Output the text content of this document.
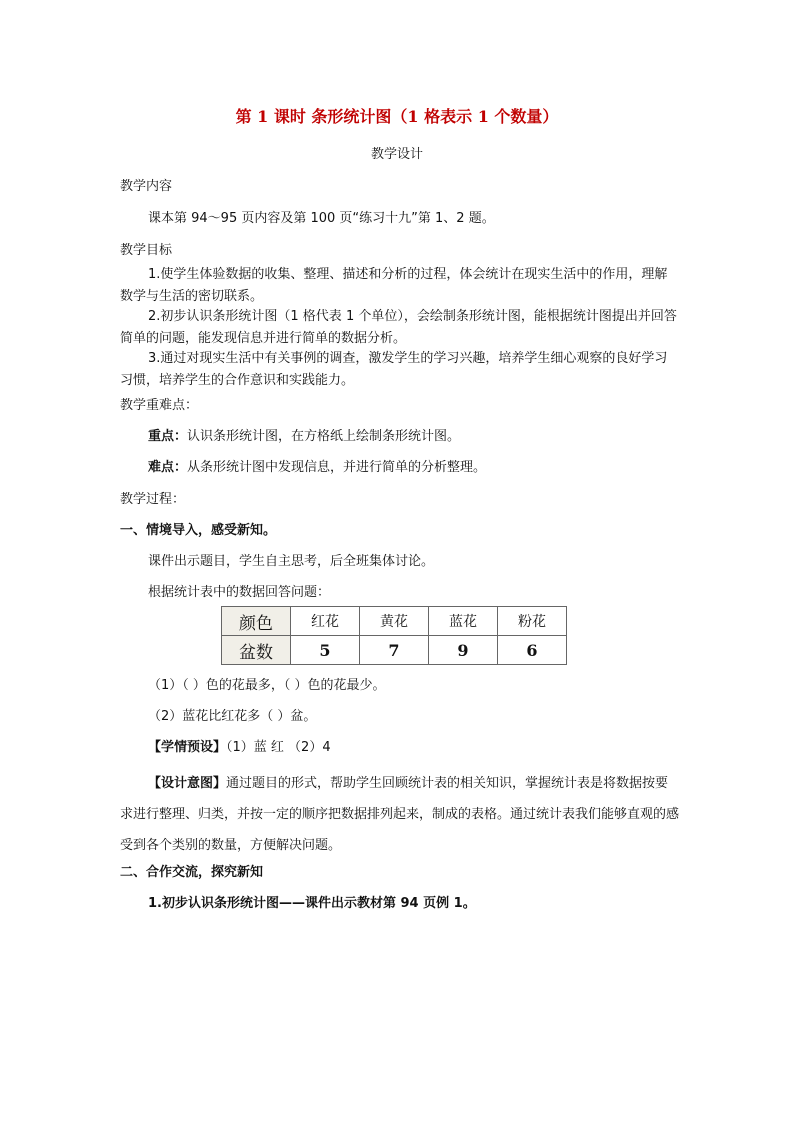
第 1 课时 条形统计图（1 格表示 1 个数量）
教学设计
教学内容
课本第 94～95 页内容及第 100 页“练习十九”第 1、2 题。
教学目标
1.使学生体验数据的收集、整理、描述和分析的过程，体会统计在现实生活中的作用，理解数学与生活的密切联系。
2.初步认识条形统计图（1 格代表 1 个单位），会绘制条形统计图，能根据统计图提出并回答简单的问题，能发现信息并进行简单的数据分析。
3.通过对现实生活中有关事例的调查，激发学生的学习兴趣，培养学生细心观察的良好学习习惯，培养学生的合作意识和实践能力。
教学重难点：
重点：认识条形统计图，在方格纸上绘制条形统计图。
难点：从条形统计图中发现信息，并进行简单的分析整理。
教学过程：
一、情境导入，感受新知。
课件出示题目，学生自主思考，后全班集体讨论。
根据统计表中的数据回答问题：
颜色	红花	黄花	蓝花	粉花
盆数	5	7	9	6
（1）（ ）色的花最多，（ ）色的花最少。
（2）蓝花比红花多（ ）盆。
【学情预设】（1）蓝 红 （2）4
【设计意图】通过题目的形式，帮助学生回顾统计表的相关知识，掌握统计表是将数据按要求进行整理、归类，并按一定的顺序把数据排列起来，制成的表格。通过统计表我们能够直观的感受到各个类别的数量，方便解决问题。
二、合作交流，探究新知
1.初步认识条形统计图——课件出示教材第 94 页例 1。
